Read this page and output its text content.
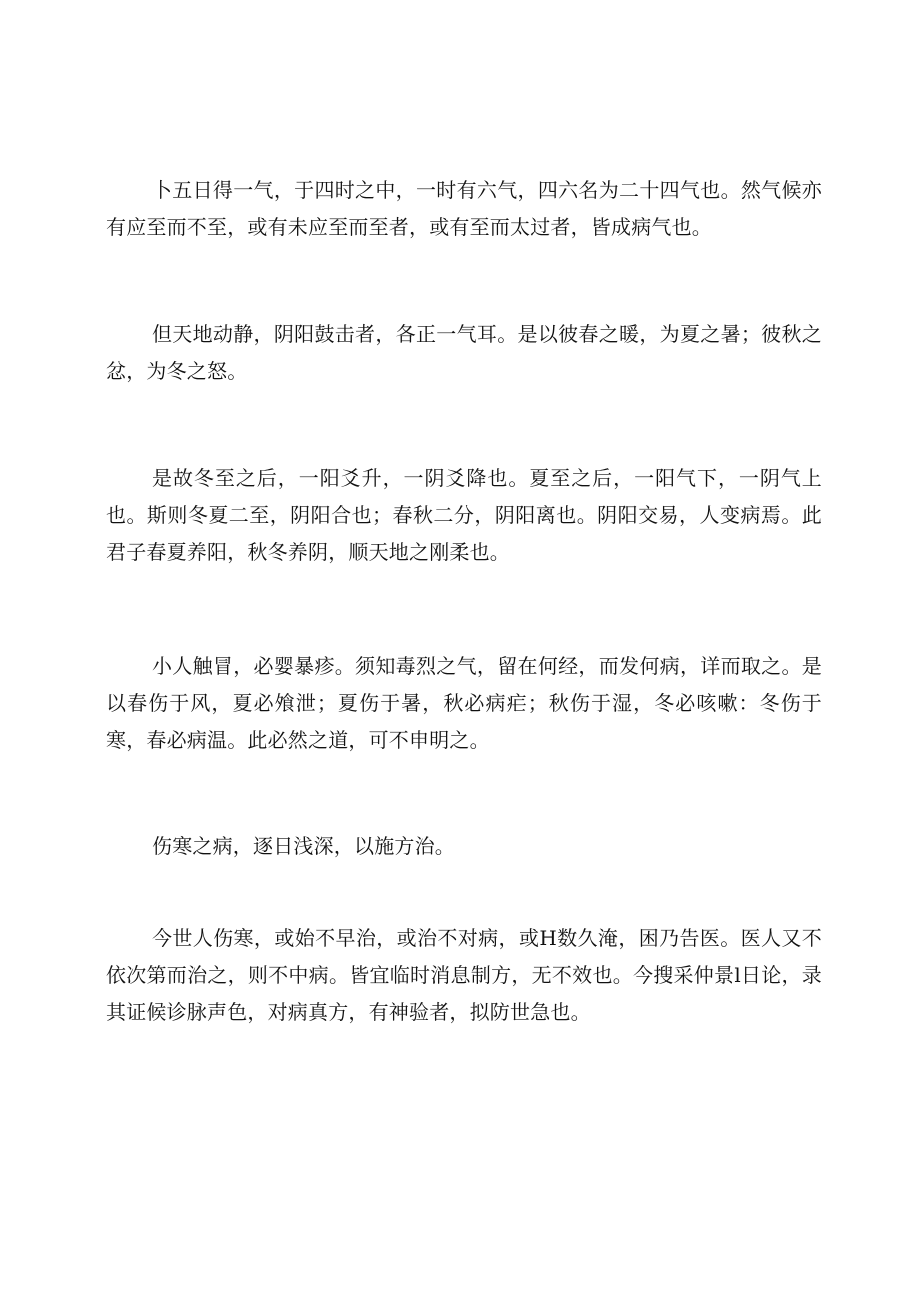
卜五日得一气，于四时之中，一时有六气，四六名为二十四气也。然气候亦有应至而不至，或有未应至而至者，或有至而太过者，皆成病气也。

但天地动静，阴阳鼓击者，各正一气耳。是以彼春之暖，为夏之暑；彼秋之忿，为冬之怒。

是故冬至之后，一阳爻升，一阴爻降也。夏至之后，一阳气下，一阴气上也。斯则冬夏二至，阴阳合也；春秋二分，阴阳离也。阴阳交易，人变病焉。此君子春夏养阳，秋冬养阴，顺天地之刚柔也。

小人触冒，必婴暴疹。须知毒烈之气，留在何经，而发何病，详而取之。是以春伤于风，夏必飧泄；夏伤于暑，秋必病疟；秋伤于湿，冬必咳嗽：冬伤于寒，春必病温。此必然之道，可不申明之。

伤寒之病，逐日浅深，以施方治。

今世人伤寒，或始不早治，或治不对病，或H数久淹，困乃告医。医人又不依次第而治之，则不中病。皆宜临时消息制方，无不效也。今搜采仲景l日论，录其证候诊脉声色，对病真方，有神验者，拟防世急也。
